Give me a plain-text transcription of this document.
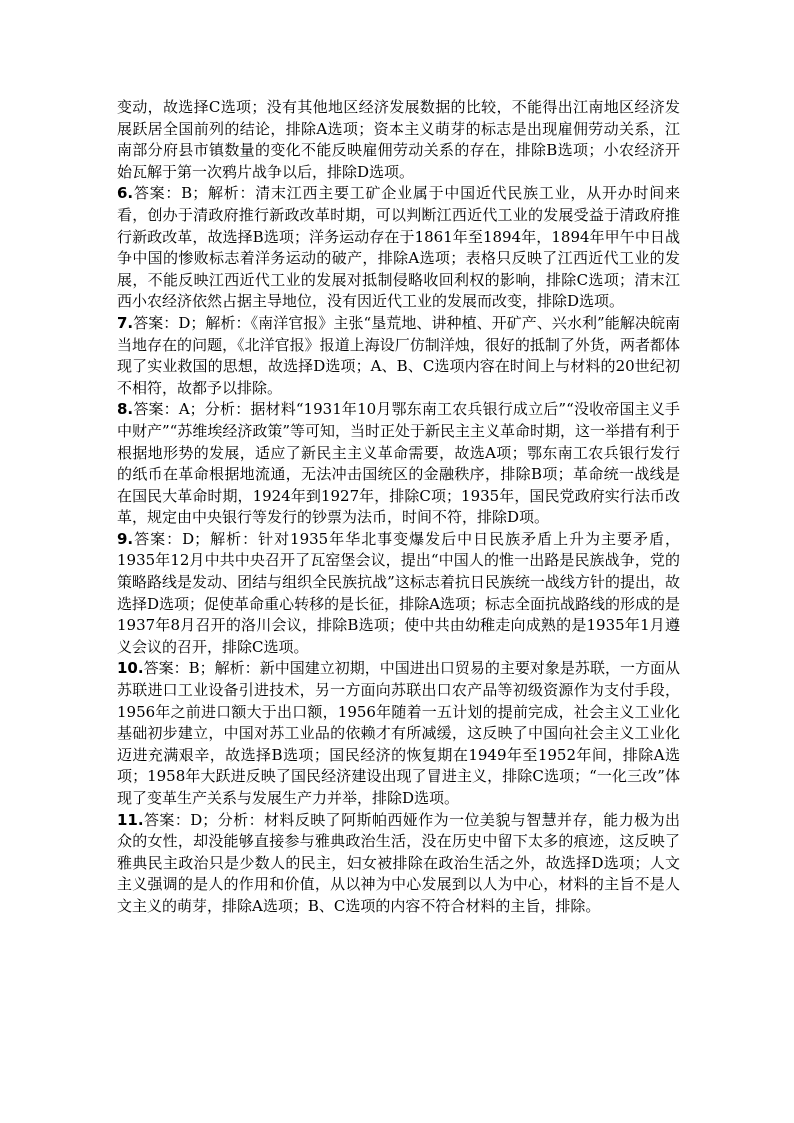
变动，故选择C选项；没有其他地区经济发展数据的比较，不能得出江南地区经济发展跃居全国前列的结论，排除A选项；资本主义萌芽的标志是出现雇佣劳动关系，江南部分府县市镇数量的变化不能反映雇佣劳动关系的存在，排除B选项；小农经济开始瓦解于第一次鸦片战争以后，排除D选项。

6.答案：B；解析：清末江西主要工矿企业属于中国近代民族工业，从开办时间来看，创办于清政府推行新政改革时期，可以判断江西近代工业的发展受益于清政府推行新政改革，故选择B选项；洋务运动存在于1861年至1894年，1894年甲午中日战争中国的惨败标志着洋务运动的破产，排除A选项；表格只反映了江西近代工业的发展，不能反映江西近代工业的发展对抵制侵略收回利权的影响，排除C选项；清末江西小农经济依然占据主导地位，没有因近代工业的发展而改变，排除D选项。

7.答案：D；解析：《南洋官报》主张“垦荒地、讲种植、开矿产、兴水利”能解决皖南当地存在的问题，《北洋官报》报道上海设厂仿制洋烛，很好的抵制了外货，两者都体现了实业救国的思想，故选择D选项；A、B、C选项内容在时间上与材料的20世纪初不相符，故都予以排除。

8.答案：A；分析：据材料“1931年10月鄂东南工农兵银行成立后”“没收帝国主义手中财产”“苏维埃经济政策”等可知，当时正处于新民主主义革命时期，这一举措有利于根据地形势的发展，适应了新民主主义革命需要，故选A项；鄂东南工农兵银行发行的纸币在革命根据地流通，无法冲击国统区的金融秩序，排除B项；革命统一战线是在国民大革命时期，1924年到1927年，排除C项；1935年，国民党政府实行法币改革，规定由中央银行等发行的钞票为法币，时间不符，排除D项。

9.答案：D；解析：针对1935年华北事变爆发后中日民族矛盾上升为主要矛盾，1935年12月中共中央召开了瓦窑堡会议，提出“中国人的惟一出路是民族战争，党的策略路线是发动、团结与组织全民族抗战”这标志着抗日民族统一战线方针的提出，故选择D选项；促使革命重心转移的是长征，排除A选项；标志全面抗战路线的形成的是1937年8月召开的洛川会议，排除B选项；使中共由幼稚走向成熟的是1935年1月遵义会议的召开，排除C选项。

10.答案：B；解析：新中国建立初期，中国进出口贸易的主要对象是苏联，一方面从苏联进口工业设备引进技术，另一方面向苏联出口农产品等初级资源作为支付手段，1956年之前进口额大于出口额，1956年随着一五计划的提前完成，社会主义工业化基础初步建立，中国对苏工业品的依赖才有所减缓，这反映了中国向社会主义工业化迈进充满艰辛，故选择B选项；国民经济的恢复期在1949年至1952年间，排除A选项；1958年大跃进反映了国民经济建设出现了冒进主义，排除C选项；“一化三改”体现了变革生产关系与发展生产力并举，排除D选项。

11.答案：D；分析：材料反映了阿斯帕西娅作为一位美貌与智慧并存，能力极为出众的女性，却没能够直接参与雅典政治生活，没在历史中留下太多的痕迹，这反映了雅典民主政治只是少数人的民主，妇女被排除在政治生活之外，故选择D选项；人文主义强调的是人的作用和价值，从以神为中心发展到以人为中心，材料的主旨不是人文主义的萌芽，排除A选项；B、C选项的内容不符合材料的主旨，排除。
